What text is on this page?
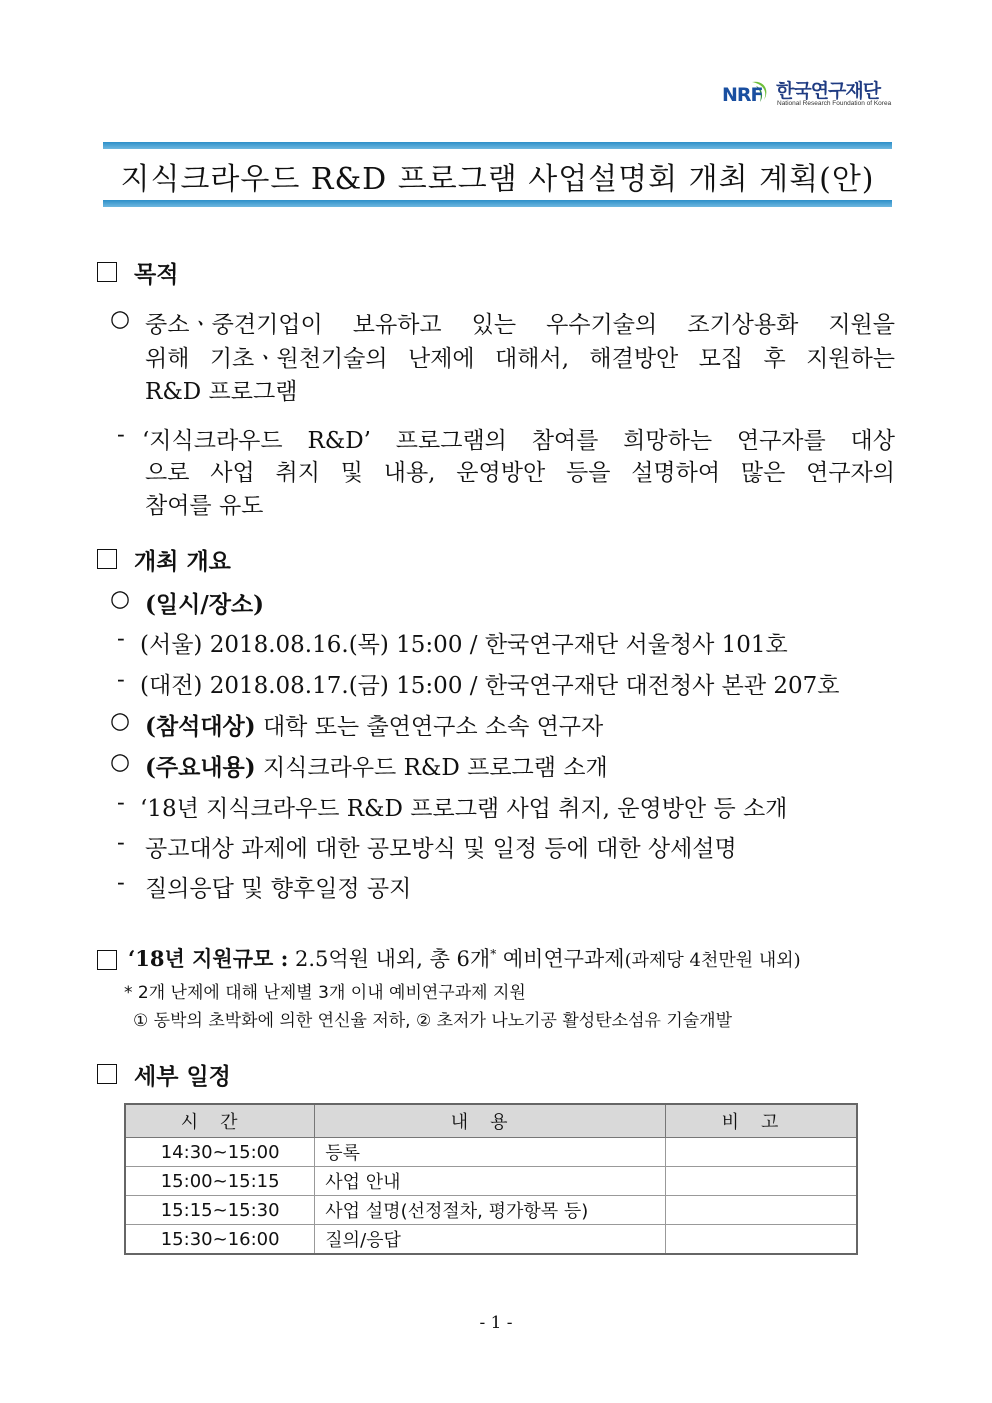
NRF 한국연구재단
National Research Foundation of Korea
지식크라우드 R&D 프로그램 사업설명회 개최 계획(안)
목적
○ 중소ㆍ중견기업이 보유하고 있는 우수기술의 조기상용화 지원을
위해 기초ㆍ원천기술의 난제에 대해서, 해결방안 모집 후 지원하는
R&D 프로그램
- ‘지식크라우드 R&D’ 프로그램의 참여를 희망하는 연구자를 대상
으로 사업 취지 및 내용, 운영방안 등을 설명하여 많은 연구자의
참여를 유도
개최 개요
○ (일시/장소)
- (서울) 2018.08.16.(목) 15:00 / 한국연구재단 서울청사 101호
- (대전) 2018.08.17.(금) 15:00 / 한국연구재단 대전청사 본관 207호
○ (참석대상) 대학 또는 출연연구소 소속 연구자
○ (주요내용) 지식크라우드 R&D 프로그램 소개
- ‘18년 지식크라우드 R&D 프로그램 사업 취지, 운영방안 등 소개
- 공고대상 과제에 대한 공모방식 및 일정 등에 대한 상세설명
- 질의응답 및 향후일정 공지
‘18년 지원규모 : 2.5억원 내외, 총 6개* 예비연구과제(과제당 4천만원 내외)
* 2개 난제에 대해 난제별 3개 이내 예비연구과제 지원
① 동박의 초박화에 의한 연신율 저하, ② 초저가 나노기공 활성탄소섬유 기술개발
세부 일정
시간	내용	비고
14:30~15:00	등록	
15:00~15:15	사업 안내	
15:15~15:30	사업 설명(선정절차, 평가항목 등)	
15:30~16:00	질의/응답	
- 1 -
